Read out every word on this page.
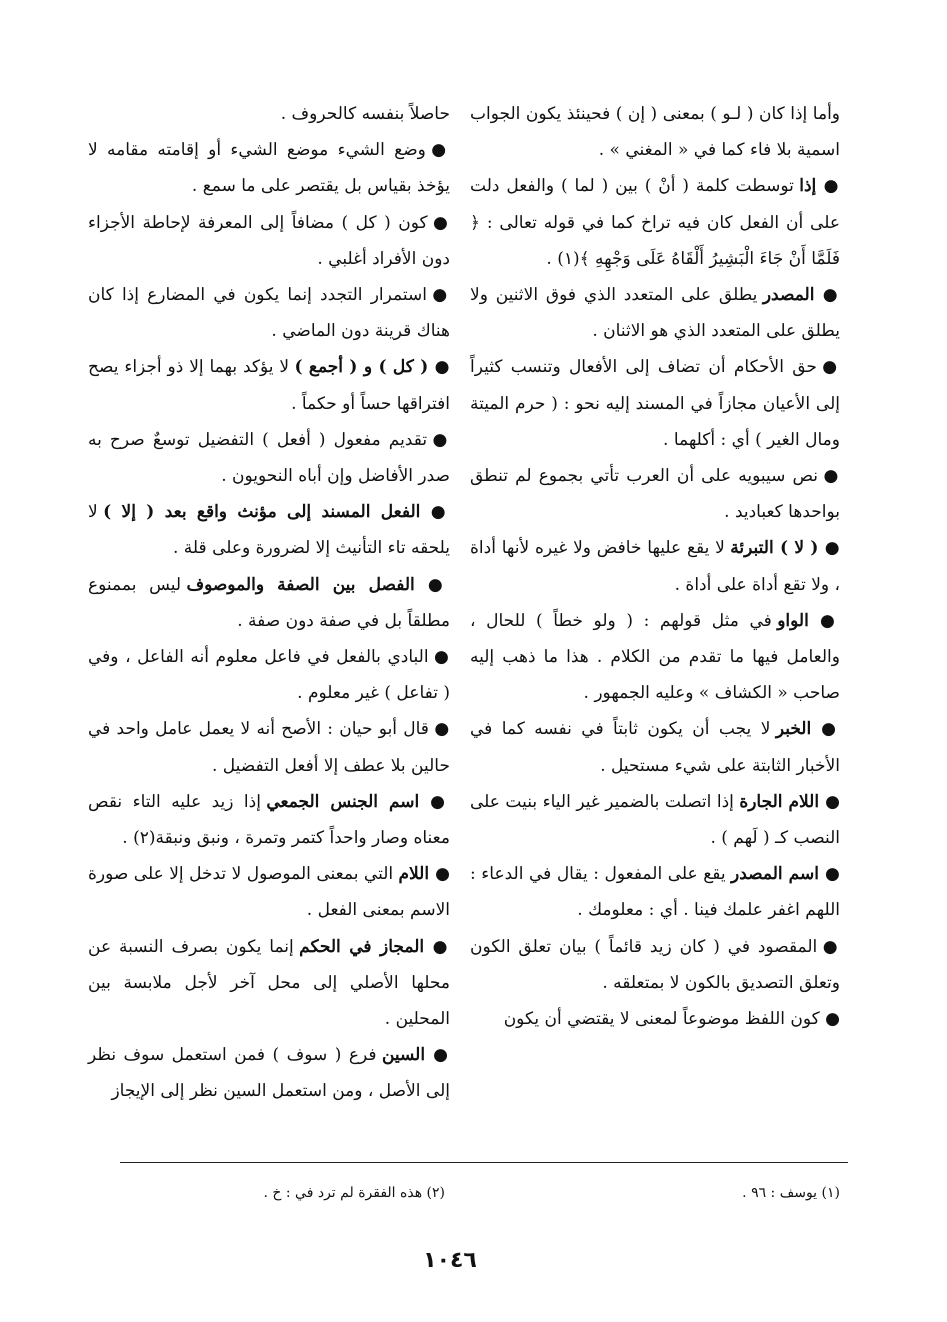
وأما إذا كان ( لـو ) بمعنى ( إن ) فحينئذ يكون الجواب اسمية بلا فاء كما في « المغني » .

● إذا توسطت كلمة ( أنْ ) بين ( لما ) والفعل دلت على أن الفعل كان فيه تراخ كما في قوله تعالى : ﴿ فَلَمَّا أَنْ جَاءَ الْبَشِيرُ أَلْقَاهُ عَلَى وَجْهِهِ ﴾(١) .

● المصدر يطلق على المتعدد الذي فوق الاثنين ولا يطلق على المتعدد الذي هو الاثنان .

● حق الأحكام أن تضاف إلى الأفعال وتنسب كثيراً إلى الأعيان مجازاً في المسند إليه نحو : ( حرم الميتة ومال الغير ) أي : أكلهما .

● نص سيبويه على أن العرب تأتي بجموع لم تنطق بواحدها كعباديد .

● ( لا ) التبرئة لا يقع عليها خافض ولا غيره لأنها أداة ، ولا تقع أداة على أداة .

● الواو في مثل قولهم : ( ولو خطاً ) للحال ، والعامل فيها ما تقدم من الكلام . هذا ما ذهب إليه صاحب « الكشاف » وعليه الجمهور .

● الخبر لا يجب أن يكون ثابتاً في نفسه كما في الأخبار الثابتة على شيء مستحيل .

● اللام الجارة إذا اتصلت بالضمير غير الياء بنيت على النصب كـ ( لَهم ) .

● اسم المصدر يقع على المفعول : يقال في الدعاء : اللهم اغفر علمك فينا . أي : معلومك .

● المقصود في ( كان زيد قائماً ) بيان تعلق الكون وتعلق التصديق بالكون لا بمتعلقه .

● كون اللفظ موضوعاً لمعنى لا يقتضي أن يكون

حاصلاً بنفسه كالحروف .

● وضع الشيء موضع الشيء أو إقامته مقامه لا يؤخذ بقياس بل يقتصر على ما سمع .

● كون ( كل ) مضافاً إلى المعرفة لإحاطة الأجزاء دون الأفراد أغلبي .

● استمرار التجدد إنما يكون في المضارع إذا كان هناك قرينة دون الماضي .

● ( كل ) و ( أجمع ) لا يؤكد بهما إلا ذو أجزاء يصح افتراقها حساً أو حكماً .

● تقديم مفعول ( أفعل ) التفضيل توسعٌ صرح به صدر الأفاضل وإن أباه النحويون .

● الفعل المسند إلى مؤنث واقع بعد ( إلا ) لا يلحقه تاء التأنيث إلا لضرورة وعلى قلة .

● الفصل بين الصفة والموصوف ليس بممنوع مطلقاً بل في صفة دون صفة .

● البادي بالفعل في فاعل معلوم أنه الفاعل ، وفي ( تفاعل ) غير معلوم .

● قال أبو حيان : الأصح أنه لا يعمل عامل واحد في حالين بلا عطف إلا أفعل التفضيل .

● اسم الجنس الجمعي إذا زيد عليه التاء نقص معناه وصار واحداً كتمر وتمرة ، ونبق ونبقة(٢) .

● اللام التي بمعنى الموصول لا تدخل إلا على صورة الاسم بمعنى الفعل .

● المجاز في الحكم إنما يكون بصرف النسبة عن محلها الأصلي إلى محل آخر لأجل ملابسة بين المحلين .

● السين فرع ( سوف ) فمن استعمل سوف نظر إلى الأصل ، ومن استعمل السين نظر إلى الإيجاز

(١) يوسف : ٩٦ .
(٢) هذه الفقرة لم ترد في : خ .
١٠٤٦
